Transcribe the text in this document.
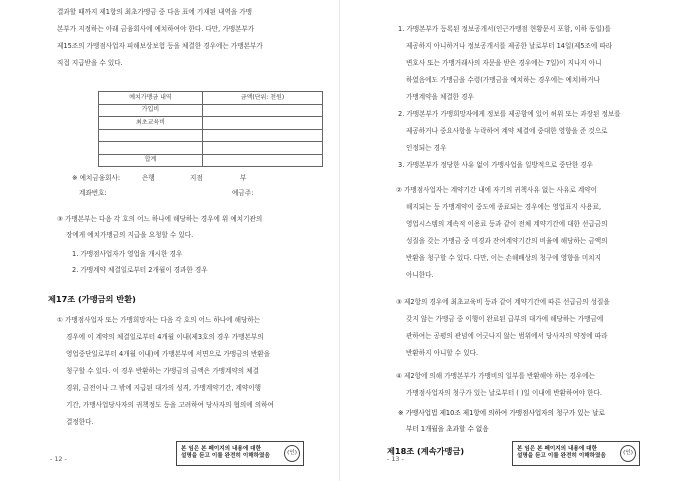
결과할 때까지 제1항의 최초가맹금 중 다음 표에 기재된 내역을 가맹
본부가 지정하는 아래 금융회사에 예치하여야 한다. 다만, 가맹본부가
제15조의 가맹점사업자 피해보상보험 등을 체결한 경우에는 가맹본부가
직접 지급받을 수 있다.
예치가맹금 내역	금액(단위: 천원)
가입비	
최초교육비	

합계	
※ 예치금융회사:	은행	지점	부
계좌번호:	예금주:
③ 가맹본부는 다음 각 호의 어느 하나에 해당하는 경우에 위 예치기관의
장에게 예치가맹금의 지급을 요청할 수 있다.
1. 가맹점사업자가 영업을 개시한 경우
2. 가맹계약 체결일로부터 2개월이 경과한 경우
제17조 (가맹금의 반환)
① 가맹점사업자 또는 가맹희망자는 다음 각 호의 어느 하나에 해당하는
경우에 이 계약의 체결일로부터 4개월 이내(제3호의 경우 가맹본부의
영업중단일로부터 4개월 이내)에 가맹본부에 서면으로 가맹금의 반환을
청구할 수 있다. 이 경우 반환하는 가맹금의 금액은 가맹계약의 체결
경위, 금전이나 그 밖에 지급된 대가의 성격, 가맹계약기간, 계약이행
기간, 가맹사업당사자의 귀책정도 등을 고려하여 당사자의 협의에 의하여
결정한다.
본 임은 본 페이지의 내용에 대한
설명을 듣고 이를 완전히 이해하였음	(인)
- 12 -
1. 가맹본부가 등록된 정보공개서(인근가맹점 현황문서 포함, 이하 동일)를
제공하지 아니하거나 정보공개서를 제공한 날로부터 14일(제5조에 따라
변호사 또는 가맹거래사의 자문을 받은 경우에는 7일)이 지나지 아니
하였음에도 가맹금을 수령(가맹금을 예치하는 경우에는 예치)하거나
가맹계약을 체결한 경우
2. 가맹본부가 가맹희망자에게 정보를 제공함에 있어 허위 또는 과장된 정보를
제공하거나 중요사항을 누락하여 계약 체결에 중대한 영향을 준 것으로
인정되는 경우
3. 가맹본부가 정당한 사유 없이 가맹사업을 일방적으로 중단한 경우
② 가맹점사업자는 계약기간 내에 자기의 귀책사유 없는 사유로 계약이
해지되는 등 가맹계약이 중도에 종료되는 경우에는 영업표지 사용료,
영업시스템의 계속적 이용료 등과 같이 전체 계약기간에 대한 선급금의
성질을 갖는 가맹금 중 미경과 잔여계약기간의 비율에 해당하는 금액의
반환을 청구할 수 있다. 다만, 이는 손해배상의 청구에 영향을 미치지
아니한다.
③ 제2항의 경우에 최초교육비 등과 같이 계약기간에 따른 선급금의 성질을
갖지 않는 가맹금 중 이행이 완료된 급부의 대가에 해당하는 가맹금에
관하여는 공평의 관념에 어긋나지 않는 범위에서 당사자의 약정에 따라
반환하지 아니할 수 있다.
④ 제2항에 의해 가맹본부가 가맹비의 일부를 반환해야 하는 경우에는
가맹점사업자의 청구가 있는 날로부터 ( )일 이내에 반환하여야 한다.
※ 가맹사업법 제10조 제1항에 의하여 가맹점사업자의 청구가 있는 날로
부터 1개월을 초과할 수 없음
제18조 (계속가맹금)	본 임은 본 페이지의 내용에 대한
설명을 듣고 이를 완전히 이해하였음	(인)
- 13 -
